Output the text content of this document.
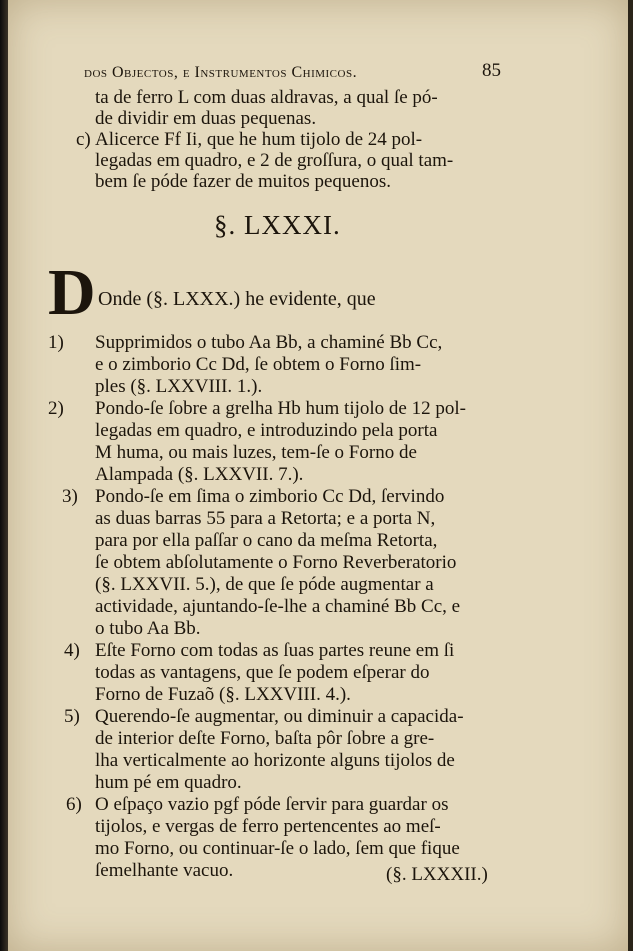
dos Objectos, e Instrumentos Chimicos.	85
ta de ferro L com duas aldravas, a qual ſe pó-
de dividir em duas pequenas.
c) Alicerce Ff Ii, que he hum tijolo de 24 pol-
legadas em quadro, e 2 de groſſura, o qual tam-
bem ſe póde fazer de muitos pequenos.
§. LXXXI.
D Onde (§. LXXX.) he evidente, que
1) Supprimidos o tubo Aa Bb, a chaminé Bb Cc,
e o zimborio Cc Dd, ſe obtem o Forno ſim-
ples (§. LXXVIII. 1.).
2) Pondo-ſe ſobre a grelha Hb hum tijolo de 12 pol-
legadas em quadro, e introduzindo pela porta
M huma, ou mais luzes, tem-ſe o Forno de
Alampada (§. LXXVII. 7.).
3) Pondo-ſe em ſima o zimborio Cc Dd, ſervindo
as duas barras 55 para a Retorta; e a porta N,
para por ella paſſar o cano da meſma Retorta,
ſe obtem abſolutamente o Forno Reverberatorio
(§. LXXVII. 5.), de que ſe póde augmentar a
actividade, ajuntando-ſe-lhe a chaminé Bb Cc, e
o tubo Aa Bb.
4) Eſte Forno com todas as ſuas partes reune em ſi
todas as vantagens, que ſe podem eſperar do
Forno de Fuzaõ (§. LXXVIII. 4.).
5) Querendo-ſe augmentar, ou diminuir a capacida-
de interior deſte Forno, baſta pôr ſobre a gre-
lha verticalmente ao horizonte alguns tijolos de
hum pé em quadro.
6) O eſpaço vazio pgf póde ſervir para guardar os
tijolos, e vergas de ferro pertencentes ao meſ-
mo Forno, ou continuar-ſe o lado, ſem que fique
ſemelhante vacuo.	(§. LXXXII.)
